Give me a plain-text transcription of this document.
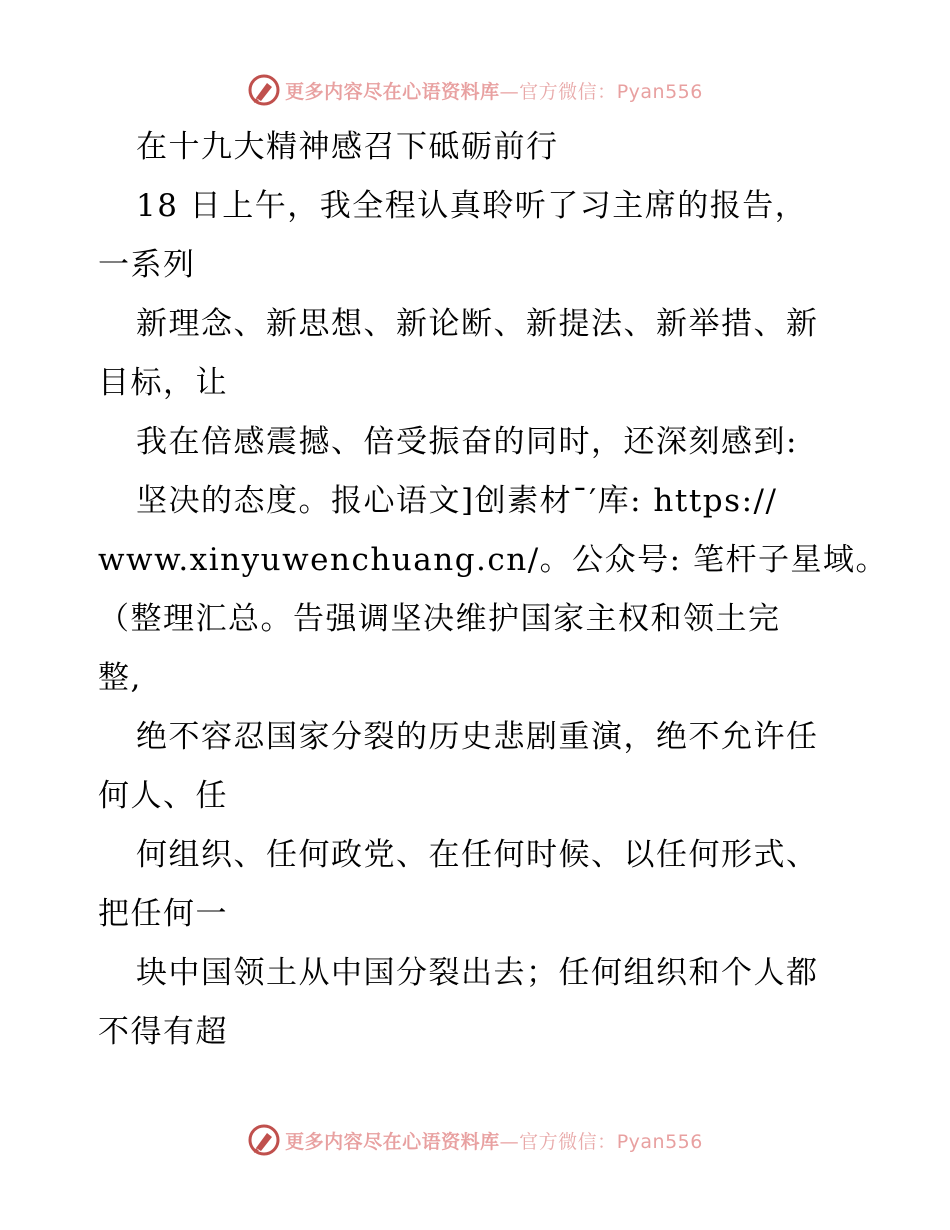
更多内容尽在心语资料库—官方微信：Pyan556
在十九大精神感召下砥砺前行
18 日上午，我全程认真聆听了习主席的报告，
一系列
新理念、新思想、新论断、新提法、新举措、新
目标，让
我在倍感震撼、倍受振奋的同时，还深刻感到:
坚决的态度。报心语文]创素材¯′库: https://
www.xinyuwenchuang.cn/。公众号: 笔杆子星域。
（整理汇总。告强调坚决维护国家主权和领土完
整,
绝不容忍国家分裂的历史悲剧重演，绝不允许任
何人、任
何组织、任何政党、在任何时候、以任何形式、
把任何一
块中国领土从中国分裂出去；任何组织和个人都
不得有超
更多内容尽在心语资料库—官方微信：Pyan556
